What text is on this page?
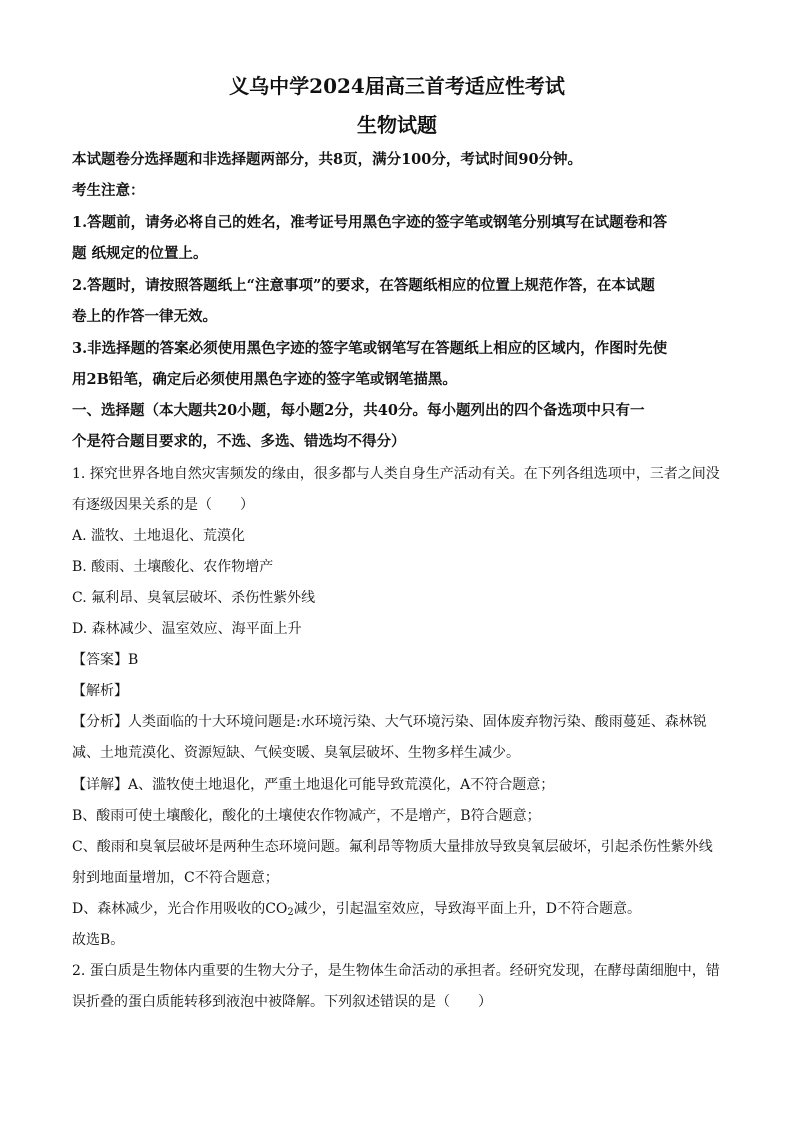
义乌中学2024届高三首考适应性考试
生物试题
本试题卷分选择题和非选择题两部分，共8页，满分100分，考试时间90分钟。
考生注意：
1.答题前，请务必将自己的姓名，准考证号用黑色字迹的签字笔或钢笔分别填写在试题卷和答
题 纸规定的位置上。
2.答题时，请按照答题纸上“注意事项”的要求，在答题纸相应的位置上规范作答，在本试题
卷上的作答一律无效。
3.非选择题的答案必须使用黑色字迹的签字笔或钢笔写在答题纸上相应的区域内，作图时先使
用2B铅笔，确定后必须使用黑色字迹的签字笔或钢笔描黑。
一、选择题（本大题共20小题，每小题2分，共40分。每小题列出的四个备选项中只有一
个是符合题目要求的，不选、多选、错选均不得分）
1. 探究世界各地自然灾害频发的缘由，很多都与人类自身生产活动有关。在下列各组选项中，三者之间没
有逐级因果关系的是（　　）
A. 滥牧、土地退化、荒漠化
B. 酸雨、土壤酸化、农作物增产
C. 氟利昂、臭氧层破坏、杀伤性紫外线
D. 森林减少、温室效应、海平面上升
【答案】B
【解析】
【分析】人类面临的十大环境问题是:水环境污染、大气环境污染、固体废弃物污染、酸雨蔓延、森林锐
减、土地荒漠化、资源短缺、气候变暖、臭氧层破坏、生物多样生减少。
【详解】A、滥牧使土地退化，严重土地退化可能导致荒漠化，A不符合题意；
B、酸雨可使土壤酸化，酸化的土壤使农作物减产，不是增产，B符合题意；
C、酸雨和臭氧层破坏是两种生态环境问题。氟利昂等物质大量排放导致臭氧层破坏，引起杀伤性紫外线
射到地面量增加，C不符合题意；
D、森林减少，光合作用吸收的$CO_2$减少，引起温室效应，导致海平面上升，D不符合题意。
故选B。
2. 蛋白质是生物体内重要的生物大分子，是生物体生命活动的承担者。经研究发现，在酵母菌细胞中，错
误折叠的蛋白质能转移到液泡中被降解。下列叙述错误的是（　　）
